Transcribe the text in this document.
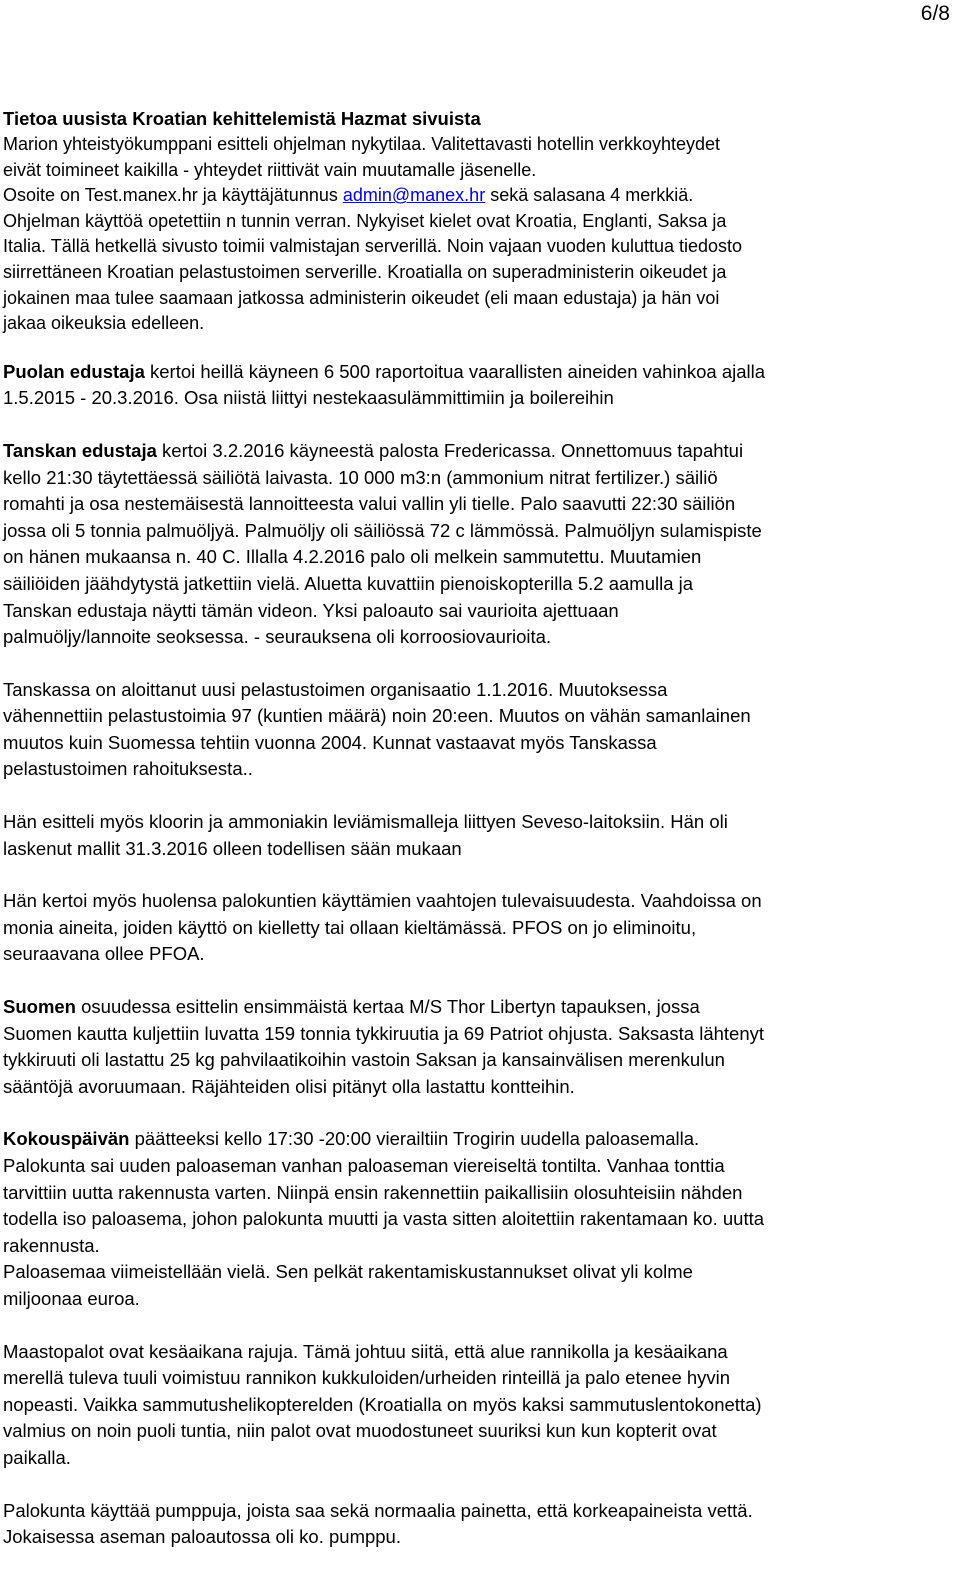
6/8

Tietoa uusista Kroatian kehittelemistä Hazmat sivuista

Marion yhteistyökumppani esitteli ohjelman nykytilaa. Valitettavasti hotellin verkkoyhteydet
eivät toimineet kaikilla - yhteydet riittivät vain muutamalle jäsenelle.
Osoite on Test.manex.hr ja käyttäjätunnus admin@manex.hr sekä salasana 4 merkkiä.
Ohjelman käyttöä opetettiin n tunnin verran. Nykyiset kielet ovat Kroatia, Englanti, Saksa ja
Italia. Tällä hetkellä sivusto toimii valmistajan serverillä. Noin vajaan vuoden kuluttua tiedosto
siirrettäneen Kroatian pelastustoimen serverille. Kroatialla on superadministerin oikeudet ja
jokainen maa tulee saamaan jatkossa administerin oikeudet (eli maan edustaja) ja hän voi
jakaa oikeuksia edelleen.
Puolan edustaja kertoi heillä käyneen 6 500 raportoitua vaarallisten aineiden vahinkoa ajalla
1.5.2015 - 20.3.2016. Osa niistä liittyi nestekaasulämmittimiin ja boilereihin
Tanskan edustaja kertoi 3.2.2016 käyneestä palosta Fredericassa. Onnettomuus tapahtui
kello 21:30 täytettäessä säiliötä laivasta. 10 000 m3:n (ammonium nitrat fertilizer.) säiliö
romahti ja osa nestemäisestä lannoitteesta valui vallin yli tielle. Palo saavutti 22:30 säiliön
jossa oli 5 tonnia palmuöljyä. Palmuöljy oli säiliössä 72 c lämmössä. Palmuöljyn sulamispiste
on hänen mukaansa n. 40 C. Illalla 4.2.2016 palo oli melkein sammutettu. Muutamien
säiliöiden jäähdytystä jatkettiin vielä. Aluetta kuvattiin pienoiskopterilla 5.2 aamulla ja
Tanskan edustaja näytti tämän videon. Yksi paloauto sai vaurioita ajettuaan
palmuöljy/lannoite seoksessa. - seurauksena oli korroosiovaurioita.
Tanskassa on aloittanut uusi pelastustoimen organisaatio 1.1.2016. Muutoksessa
vähennettiin pelastustoimia 97 (kuntien määrä) noin 20:een. Muutos on vähän samanlainen
muutos kuin Suomessa tehtiin vuonna 2004. Kunnat vastaavat myös Tanskassa
pelastustoimen rahoituksesta..
Hän esitteli myös kloorin ja ammoniakin leviämismalleja liittyen Seveso-laitoksiin. Hän oli
laskenut mallit 31.3.2016 olleen todellisen sään mukaan
Hän kertoi myös huolensa palokuntien käyttämien vaahtojen tulevaisuudesta. Vaahdoissa on
monia aineita, joiden käyttö on kielletty tai ollaan kieltämässä. PFOS on jo eliminoitu,
seuraavana ollee PFOA.
Suomen osuudessa esittelin ensimmäistä kertaa M/S Thor Libertyn tapauksen, jossa
Suomen kautta kuljettiin luvatta 159 tonnia tykkiruutia ja 69 Patriot ohjusta. Saksasta lähtenyt
tykkiruuti oli lastattu 25 kg pahvilaatikoihin vastoin Saksan ja kansainvälisen merenkulun
sääntöjä avoruumaan. Räjähteiden olisi pitänyt olla lastattu kontteihin.
Kokouspäivän päätteeksi kello 17:30 -20:00 vierailtiin Trogirin uudella paloasemalla.
Palokunta sai uuden paloaseman vanhan paloaseman viereiseltä tontilta. Vanhaa tonttia
tarvittiin uutta rakennusta varten. Niinpä ensin rakennettiin paikallisiin olosuhteisiin nähden
todella iso paloasema, johon palokunta muutti ja vasta sitten aloitettiin rakentamaan ko. uutta
rakennusta.
Paloasemaa viimeistellään vielä. Sen pelkät rakentamiskustannukset olivat yli kolme
miljoonaa euroa.
Maastopalot ovat kesäaikana rajuja. Tämä johtuu siitä, että alue rannikolla ja kesäaikana
merellä tuleva tuuli voimistuu rannikon kukkuloiden/urheiden rinteillä ja palo etenee hyvin
nopeasti. Vaikka sammutushelikopterelden (Kroatialla on myös kaksi sammutuslentokonetta)
valmius on noin puoli tuntia, niin palot ovat muodostuneet suuriksi kun kun kopterit ovat
paikalla.
Palokunta käyttää pumppuja, joista saa sekä normaalia painetta, että korkeapaineista vettä.
Jokaisessa aseman paloautossa oli ko. pumppu.
